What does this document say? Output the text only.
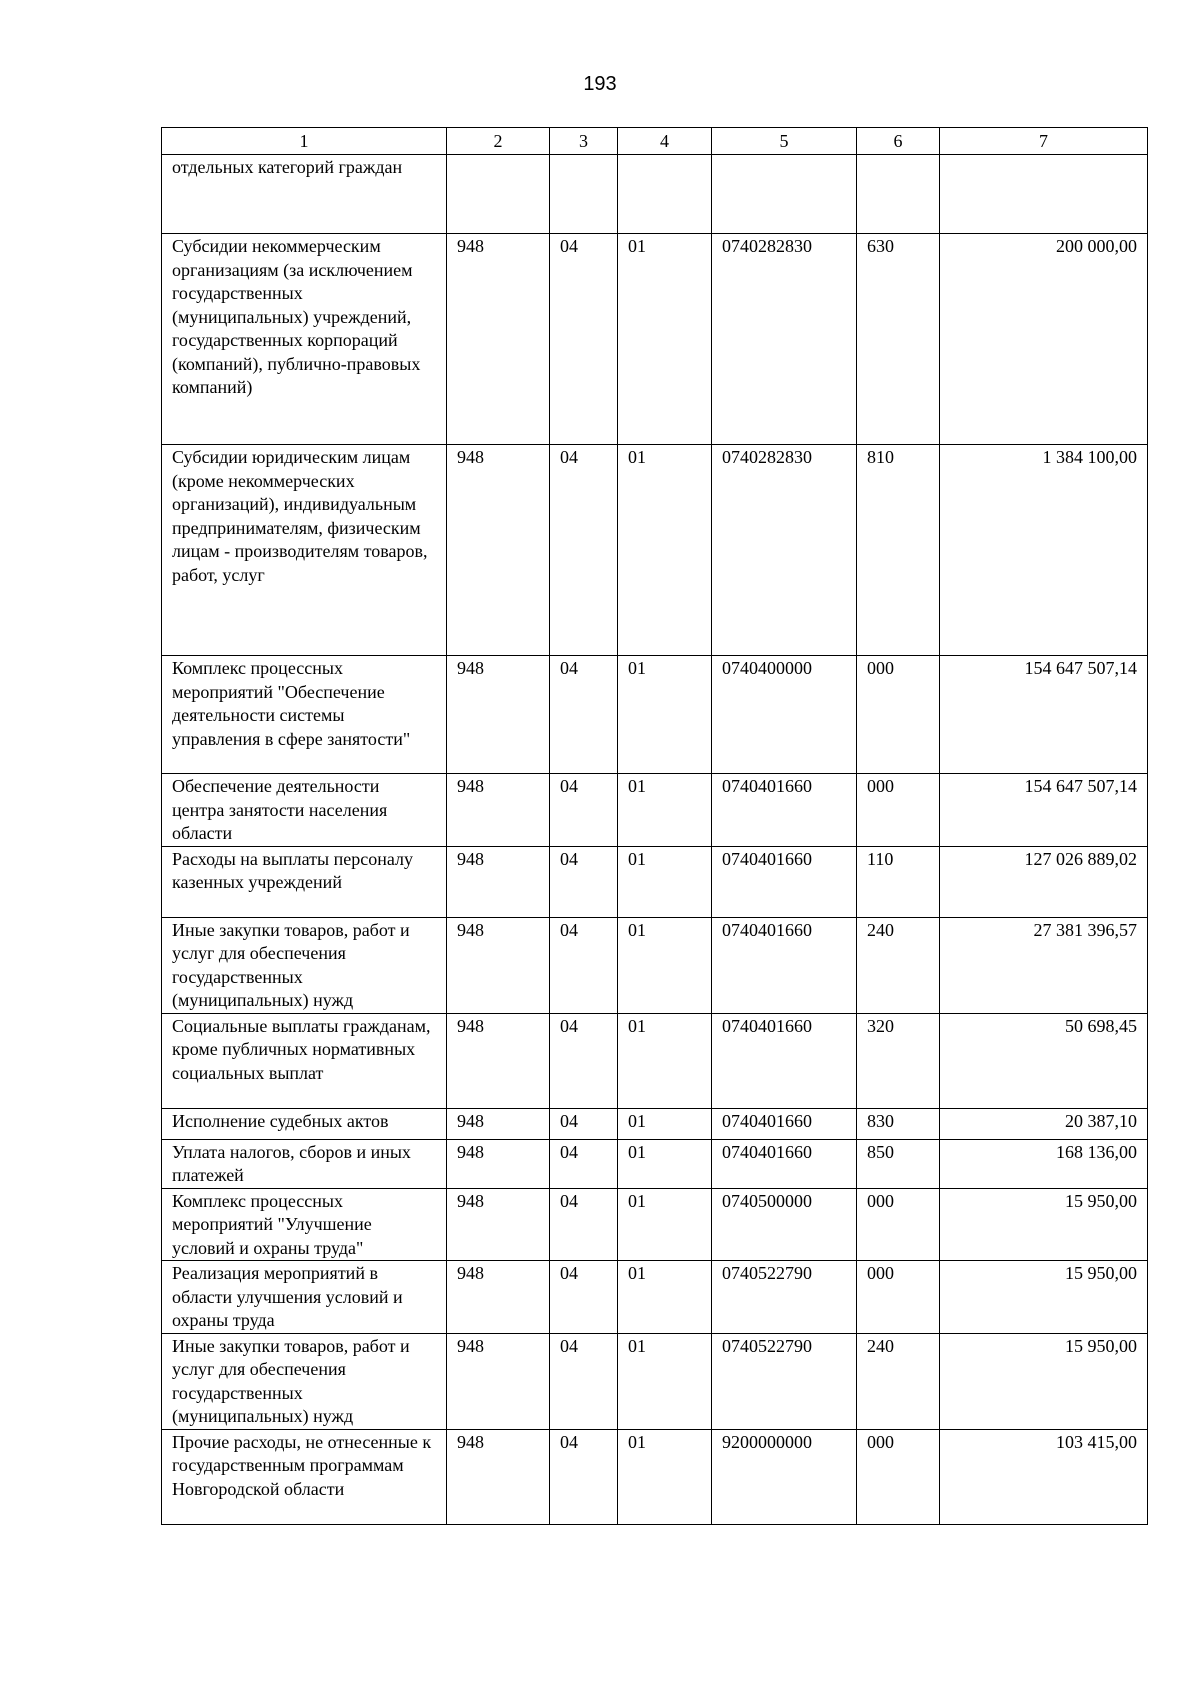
193
1	2	3	4	5	6	7
отдельных категорий граждан						
Субсидии некоммерческим организациям (за исключением государственных (муниципальных) учреждений, государственных корпораций (компаний), публично-правовых компаний)	948	04	01	0740282830	630	200 000,00
Субсидии юридическим лицам (кроме некоммерческих организаций), индивидуальным предпринимателям, физическим лицам - производителям товаров, работ, услуг	948	04	01	0740282830	810	1 384 100,00
Комплекс процессных мероприятий "Обеспечение деятельности системы управления в сфере занятости"	948	04	01	0740400000	000	154 647 507,14
Обеспечение деятельности центра занятости населения области	948	04	01	0740401660	000	154 647 507,14
Расходы на выплаты персоналу казенных учреждений	948	04	01	0740401660	110	127 026 889,02
Иные закупки товаров, работ и услуг для обеспечения государственных (муниципальных) нужд	948	04	01	0740401660	240	27 381 396,57
Социальные выплаты гражданам, кроме публичных нормативных социальных выплат	948	04	01	0740401660	320	50 698,45
Исполнение судебных актов	948	04	01	0740401660	830	20 387,10
Уплата налогов, сборов и иных платежей	948	04	01	0740401660	850	168 136,00
Комплекс процессных мероприятий "Улучшение условий и охраны труда"	948	04	01	0740500000	000	15 950,00
Реализация мероприятий в области улучшения условий и охраны труда	948	04	01	0740522790	000	15 950,00
Иные закупки товаров, работ и услуг для обеспечения государственных (муниципальных) нужд	948	04	01	0740522790	240	15 950,00
Прочие расходы, не отнесенные к государственным программам Новгородской области	948	04	01	9200000000	000	103 415,00
